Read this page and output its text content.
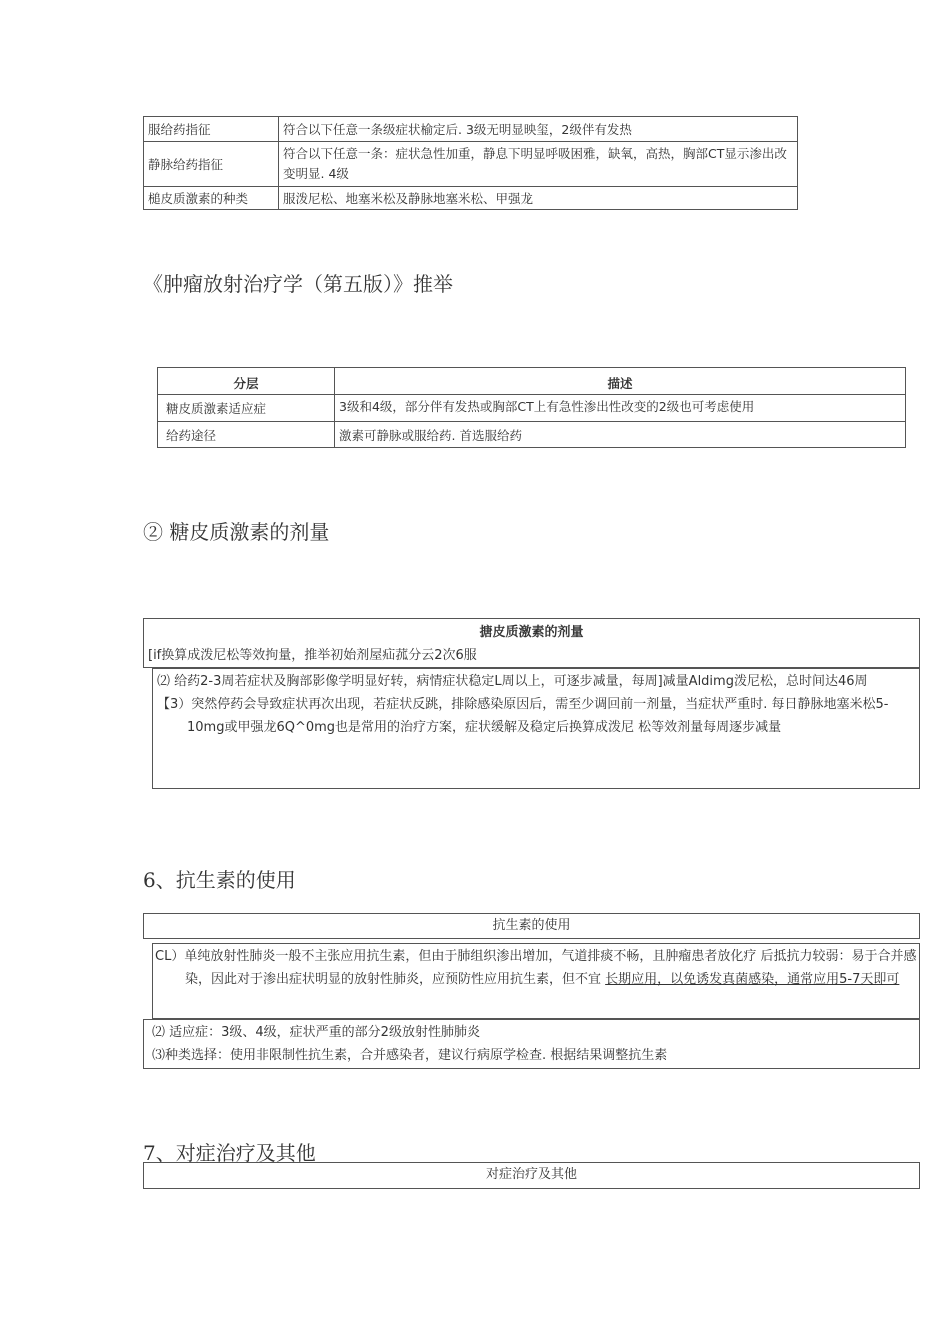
服给药指征	符合以下任意一条级症状榆定后. 3级无明显映玺，2级伴有发热
静脉给药指征	符合以下任意一条：症状急性加重，静息下明显呼吸困雅，缺氧，高热，胸部CT显示渗出改变明显. 4级
槌皮质激素的种类	服泼尼松、地塞米松及静脉地塞米松、甲强龙
《肿瘤放射治疗学（第五版）》推举
分层	描述
糖皮质激素适应症	3级和4级，部分伴有发热或胸部CT上有急性渗出性改变的2级也可考虑使用
给药途径	激素可静脉或服给药. 首选服给药
② 糖皮质激素的剂量
搪皮质激素的剂量
[if换算成泼尼松等效拘量，推举初始剂屋疝菰分云2次6服
⑵ 给药2-3周若症状及胸部影像学明显好转，病情症状稳定L周以上，可逐步减量，每周]减量Aldimg泼尼松，总时间达46周
【3）突然停药会导致症状再次出现，若症状反跳，排除感染原因后，需至少调回前一剂量，当症状严重时. 每日静脉地塞米松5-10mg或甲强龙6Q^0mg也是常用的治疗方案，症状缓解及稳定后换算成泼尼 松等效剂量每周逐步减量
6、抗生素的使用
抗生素的使用
CL）单纯放射性肺炎一般不主张应用抗生素，但由于肺组织渗出增加，气道排痰不畅，且肿瘤患者放化疗 后抵抗力较弱：易于合并感染，因此对于渗出症状明显的放射性肺炎，应预防性应用抗生素，但不宜 长期应用，以免诱发真菌感染，通常应用5-7天即可
⑵ 适应症：3级、4级，症状严重的部分2级放射性肺肺炎
⑶种类选择：使用非限制性抗生素，合并感染者，建议行病原学检查. 根据结果调整抗生素
7、对症治疗及其他
对症治疗及其他
